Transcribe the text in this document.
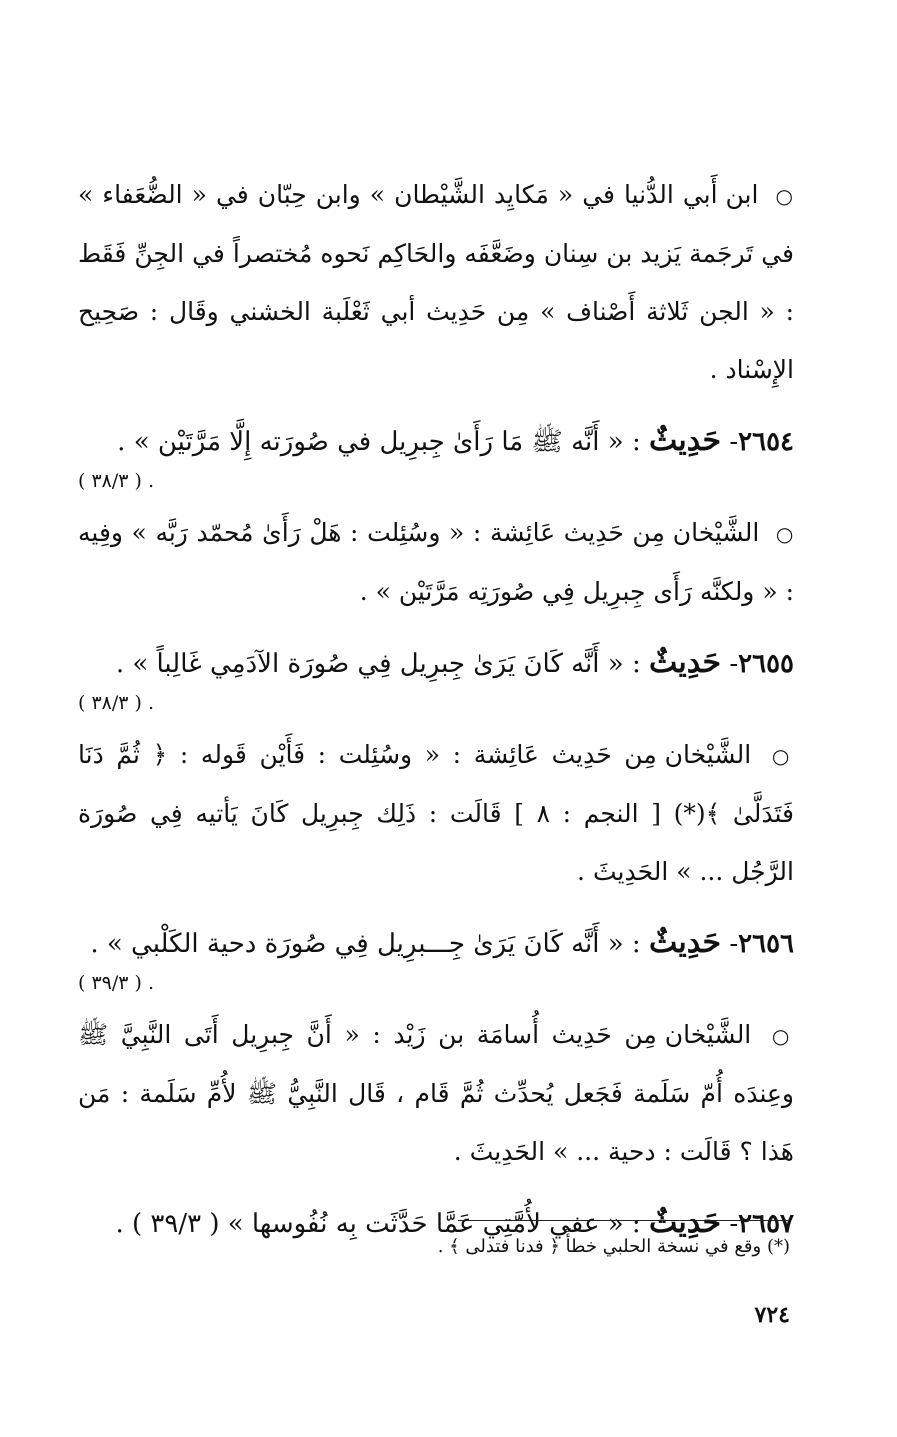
○ ابن أَبي الدُّنيا في « مَكايِد الشَّيْطان » وابن حِبّان في « الضُّعَفاء » في تَرجَمة يَزيد بن سِنان وضَعَّفَه والحَاكِم نَحوه مُختصراً في الجِنِّ فَقَط : « الجن ثَلاثة أَصْناف » مِن حَدِيث أبي ثَعْلَبة الخشني وقَال : صَحِيح الإِسْناد .

٢٦٥٤- حَدِيثٌ : « أَنَّه ﷺ مَا رَأَىٰ جِبرِيل في صُورَته إِلَّا مَرَّتَيْن » .
. ( ٣٨/٣ )

○ الشَّيْخان مِن حَدِيث عَائِشة : « وسُئِلت : هَلْ رَأَىٰ مُحمّد رَبَّه » وفِيه : « ولكنَّه رَأَى جِبرِيل فِي صُورَتِه مَرَّتَيْن » .

٢٦٥٥- حَدِيثٌ : « أَنَّه كَانَ يَرَىٰ جِبرِيل فِي صُورَة الآدَمِي غَالِباً » .
. ( ٣٨/٣ )

○ الشَّيْخان مِن حَدِيث عَائِشة : « وسُئِلت : فَأَيْن قَوله : ﴿ ثُمَّ دَنَا فَتَدَلَّىٰ ﴾(*) [ النجم : ٨ ] قَالَت : ذَلِك جِبرِيل كَانَ يَأتيه فِي صُورَة الرَّجُل ... » الحَدِيثَ .

٢٦٥٦- حَدِيثٌ : « أَنَّه كَانَ يَرَىٰ جِـــبرِيل فِي صُورَة دحية الكَلْبي » .
. ( ٣٩/٣ )

○ الشَّيْخان مِن حَدِيث أُسامَة بن زَيْد : « أَنَّ جِبرِيل أَتَى النَّبِيَّ ﷺ وعِندَه أُمّ سَلَمة فَجَعل يُحدِّث ثُمَّ قَام ، قَال النَّبِيُّ ﷺ لأُمِّ سَلَمة : مَن هَذا ؟ قَالَت : دحية ... » الحَدِيثَ .

٢٦٥٧- حَدِيثٌ : « عفي لأُمَّتِي عَمَّا حَدَّثَت بِه نُفُوسها » ( ٣٩/٣ ) .

(*) وقع في نسخة الحلبي خطأً ﴿ فدنا فتدلى ﴾ .
٧٢٤
